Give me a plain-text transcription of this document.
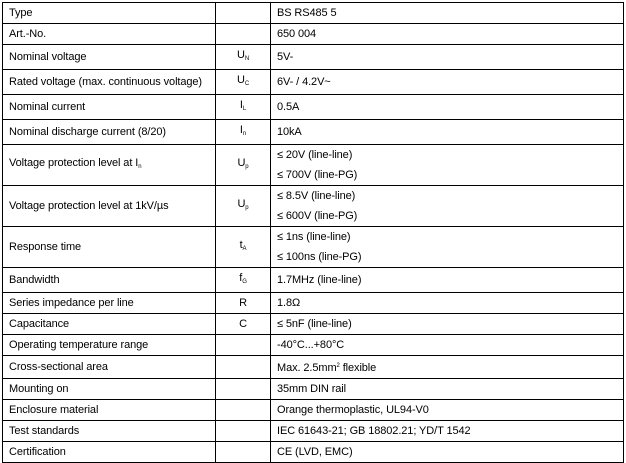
Type		BS RS485 5
Art.-No.		650 004
Nominal voltage	$U_N$	5V-
Rated voltage (max. continuous voltage)	$U_C$	6V- / 4.2V~
Nominal current	$I_L$	0.5A
Nominal discharge current (8/20)	$I_n$	10kA
Voltage protection level at $I_n$	$U_p$	≤ 20V (line-line)
≤ 700V (line-PG)

Voltage protection level at 1kV/µs	$U_p$	≤ 8.5V (line-line)
≤ 600V (line-PG)

Response time	$t_A$	≤ 1ns (line-line)
≤ 100ns (line-PG)

Bandwidth	$f_G$	1.7MHz (line-line)
Series impedance per line	R	1.8Ω
Capacitance	C	≤ 5nF (line-line)
Operating temperature range		-40°C...+80°C
Cross-sectional area		Max. $2.5mm^2$ flexible
Mounting on		35mm DIN rail
Enclosure material		Orange thermoplastic, UL94-V0
Test standards		IEC 61643-21; GB 18802.21; YD/T 1542
Certification		CE (LVD, EMC)
